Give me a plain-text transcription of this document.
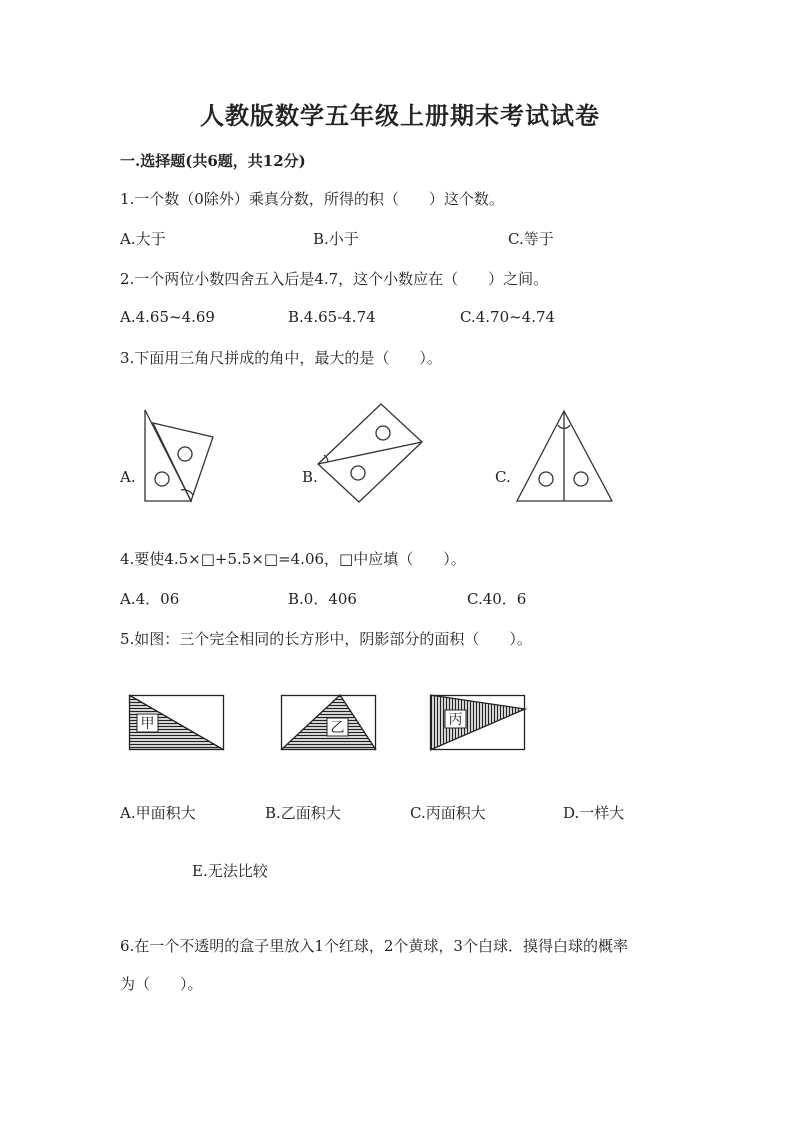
人教版数学五年级上册期末考试试卷
一.选择题(共6题，共12分)
1.一个数（0除外）乘真分数，所得的积（　　）这个数。
A.大于	B.小于	C.等于
2.一个两位小数四舍五入后是4.7，这个小数应在（　　）之间。
A.4.65~4.69	B.4.65-4.74	C.4.70~4.74
3.下面用三角尺拼成的角中，最大的是（　　）。
A.	B.	C.
4.要使4.5×□+5.5×□=4.06，□中应填（　　）。
A.4．06	B.0．406	C.40．6
5.如图：三个完全相同的长方形中，阴影部分的面积（　　）。
甲	乙	丙
A.甲面积大	B.乙面积大	C.丙面积大	D.一样大
E.无法比较
6.在一个不透明的盒子里放入1个红球，2个黄球，3个白球．摸得白球的概率
为（　　）。
